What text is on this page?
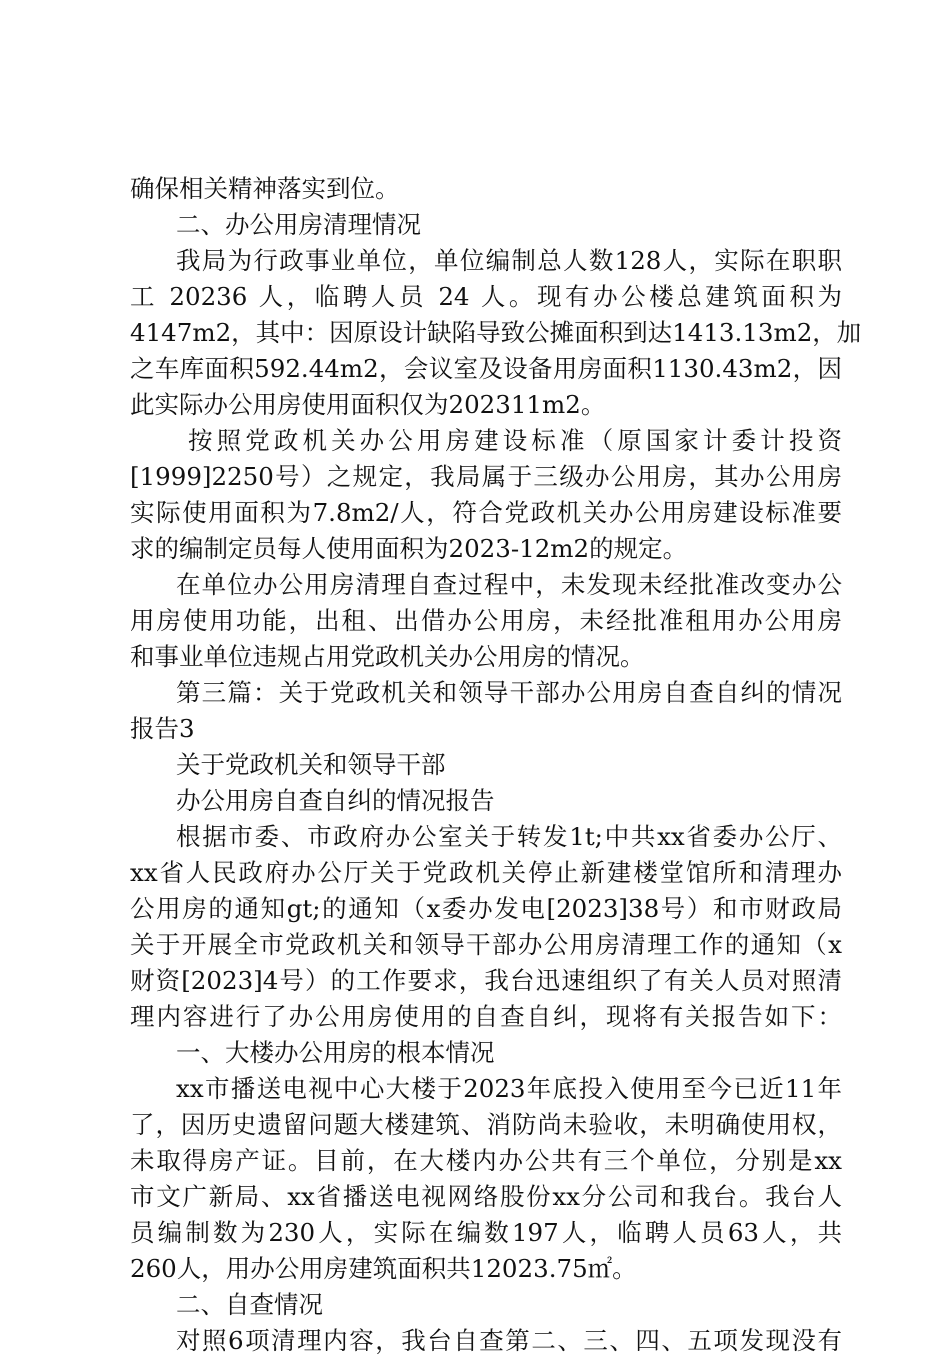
确保相关精神落实到位。
二、办公用房清理情况
我局为行政事业单位，单位编制总人数128人，实际在职职
工 20236 人，临聘人员 24 人。现有办公楼总建筑面积为
4147m2，其中：因原设计缺陷导致公摊面积到达1413.13m2，加
之车库面积592.44m2，会议室及设备用房面积1130.43m2，因
此实际办公用房使用面积仅为202311m2。
按照党政机关办公用房建设标准（原国家计委计投资
[1999]2250号）之规定，我局属于三级办公用房，其办公用房
实际使用面积为7.8m2/人，符合党政机关办公用房建设标准要
求的编制定员每人使用面积为2023-12m2的规定。
在单位办公用房清理自查过程中，未发现未经批准改变办公
用房使用功能，出租、出借办公用房，未经批准租用办公用房
和事业单位违规占用党政机关办公用房的情况。
第三篇：关于党政机关和领导干部办公用房自查自纠的情况
报告3
关于党政机关和领导干部
办公用房自查自纠的情况报告
根据市委、市政府办公室关于转发1t;中共xx省委办公厅、
xx省人民政府办公厅关于党政机关停止新建楼堂馆所和清理办
公用房的通知gt;的通知（x委办发电[2023]38号）和市财政局
关于开展全市党政机关和领导干部办公用房清理工作的通知（x
财资[2023]4号）的工作要求，我台迅速组织了有关人员对照清
理内容进行了办公用房使用的自查自纠，现将有关报告如下：
一、大楼办公用房的根本情况
xx市播送电视中心大楼于2023年底投入使用至今已近11年
了，因历史遗留问题大楼建筑、消防尚未验收，未明确使用权，
未取得房产证。目前，在大楼内办公共有三个单位，分别是xx
市文广新局、xx省播送电视网络股份xx分公司和我台。我台人
员编制数为230人，实际在编数197人，临聘人员63人，共
260人，用办公用房建筑面积共12023.75㎡。
二、自查情况
对照6项清理内容，我台自查第二、三、四、五项发现没有
